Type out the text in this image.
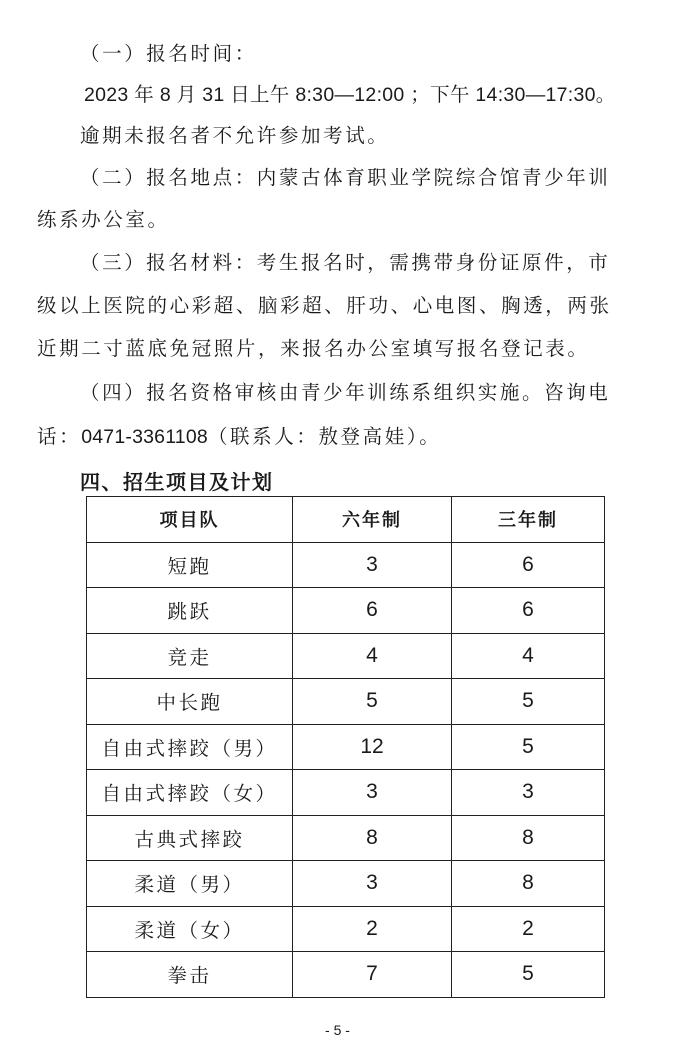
（一）报名时间：
2023 年 8 月 31 日上午 8:30—12:00 ；下午 14:30—17:30。
逾期未报名者不允许参加考试。
（二）报名地点：内蒙古体育职业学院综合馆青少年训
练系办公室。
（三）报名材料：考生报名时，需携带身份证原件，市
级以上医院的心彩超、脑彩超、肝功、心电图、胸透，两张
近期二寸蓝底免冠照片，来报名办公室填写报名登记表。
（四）报名资格审核由青少年训练系组织实施。咨询电
话：0471-3361108（联系人：敖登高娃）。
四、招生项目及计划
项目队	六年制	三年制
短跑	3	6
跳跃	6	6
竞走	4	4
中长跑	5	5
自由式摔跤（男）	12	5
自由式摔跤（女）	3	3
古典式摔跤	8	8
柔道（男）	3	8
柔道（女）	2	2
拳击	7	5
- 5 -
